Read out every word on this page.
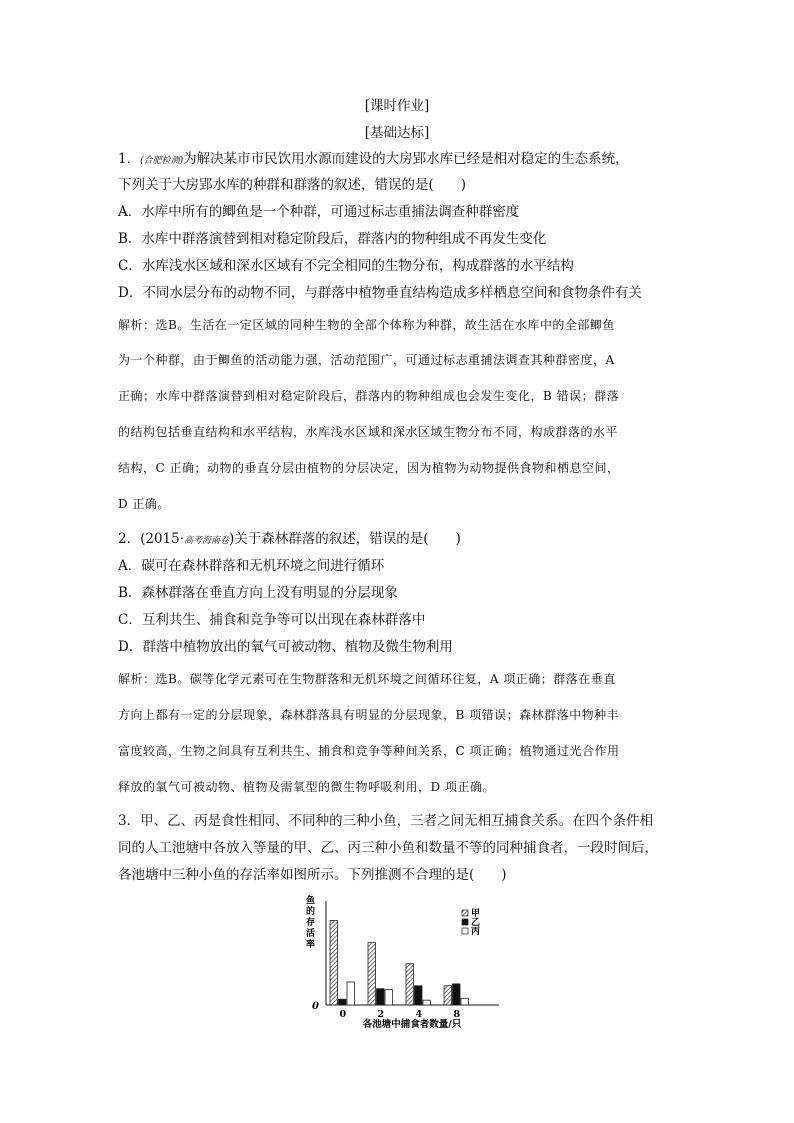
[课时作业]
[基础达标]
1．(合肥检测)为解决某市市民饮用水源而建设的大房郢水库已经是相对稳定的生态系统，
下列关于大房郢水库的种群和群落的叙述，错误的是(　　)
A．水库中所有的鲫鱼是一个种群，可通过标志重捕法调查种群密度
B．水库中群落演替到相对稳定阶段后，群落内的物种组成不再发生变化
C．水库浅水区域和深水区域有不完全相同的生物分布，构成群落的水平结构
D．不同水层分布的动物不同，与群落中植物垂直结构造成多样栖息空间和食物条件有关
解析：选B。生活在一定区域的同种生物的全部个体称为种群，故生活在水库中的全部鲫鱼
为一个种群，由于鲫鱼的活动能力强，活动范围广，可通过标志重捕法调查其种群密度，A
正确；水库中群落演替到相对稳定阶段后，群落内的物种组成也会发生变化，B 错误；群落
的结构包括垂直结构和水平结构，水库浅水区域和深水区域生物分布不同，构成群落的水平
结构，C 正确；动物的垂直分层由植物的分层决定，因为植物为动物提供食物和栖息空间，
D 正确。
2．(2015·高考海南卷)关于森林群落的叙述，错误的是(　　)
A．碳可在森林群落和无机环境之间进行循环
B．森林群落在垂直方向上没有明显的分层现象
C．互利共生、捕食和竞争等可以出现在森林群落中
D．群落中植物放出的氧气可被动物、植物及微生物利用
解析：选B。碳等化学元素可在生物群落和无机环境之间循环往复，A 项正确；群落在垂直
方向上都有一定的分层现象，森林群落具有明显的分层现象，B 项错误；森林群落中物种丰
富度较高，生物之间具有互利共生、捕食和竞争等种间关系，C 项正确；植物通过光合作用
释放的氧气可被动物、植物及需氧型的微生物呼吸利用，D 项正确。
3．甲、乙、丙是食性相同、不同种的三种小鱼，三者之间无相互捕食关系。在四个条件相
同的人工池塘中各放入等量的甲、乙、丙三种小鱼和数量不等的同种捕食者，一段时间后，
各池塘中三种小鱼的存活率如图所示。下列推测不合理的是(　　)
0
鱼的存活率
各池塘中捕食者数量/只
0	2	4	8
甲
乙
丙
